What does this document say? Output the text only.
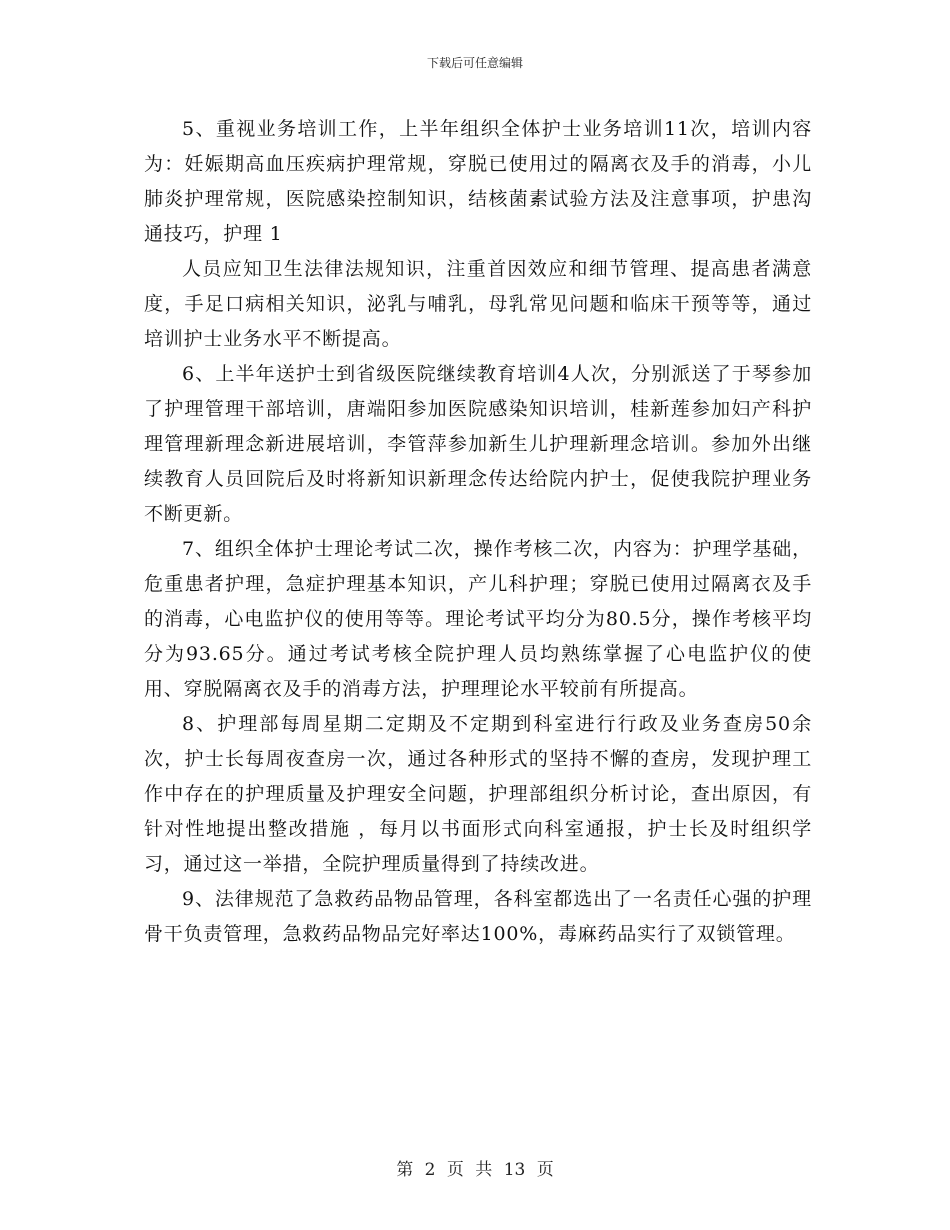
下载后可任意编辑

5、重视业务培训工作，上半年组织全体护士业务培训11次，培训内容为：妊娠期高血压疾病护理常规，穿脱已使用过的隔离衣及手的消毒，小儿肺炎护理常规，医院感染控制知识，结核菌素试验方法及注意事项，护患沟通技巧，护理 1

人员应知卫生法律法规知识，注重首因效应和细节管理、提高患者满意度，手足口病相关知识，泌乳与哺乳，母乳常见问题和临床干预等等，通过培训护士业务水平不断提高。

6、上半年送护士到省级医院继续教育培训4人次，分别派送了于琴参加了护理管理干部培训，唐端阳参加医院感染知识培训，桂新莲参加妇产科护理管理新理念新进展培训，李管萍参加新生儿护理新理念培训。参加外出继续教育人员回院后及时将新知识新理念传达给院内护士，促使我院护理业务不断更新。

7、组织全体护士理论考试二次，操作考核二次，内容为：护理学基础， 危重患者护理，急症护理基本知识，产儿科护理；穿脱已使用过隔离衣及手的消毒，心电监护仪的使用等等。理论考试平均分为80.5分，操作考核平均分为93.65分。通过考试考核全院护理人员均熟练掌握了心电监护仪的使用、穿脱隔离衣及手的消毒方法，护理理论水平较前有所提高。

8、护理部每周星期二定期及不定期到科室进行行政及业务查房50余次，护士长每周夜查房一次，通过各种形式的坚持不懈的查房，发现护理工作中存在的护理质量及护理安全问题，护理部组织分析讨论，查出原因，有针对性地提出整改措施 ，每月以书面形式向科室通报，护士长及时组织学习，通过这一举措，全院护理质量得到了持续改进。

9、法律规范了急救药品物品管理，各科室都选出了一名责任心强的护理骨干负责管理，急救药品物品完好率达100%，毒麻药品实行了双锁管理。

第 2 页 共 13 页
